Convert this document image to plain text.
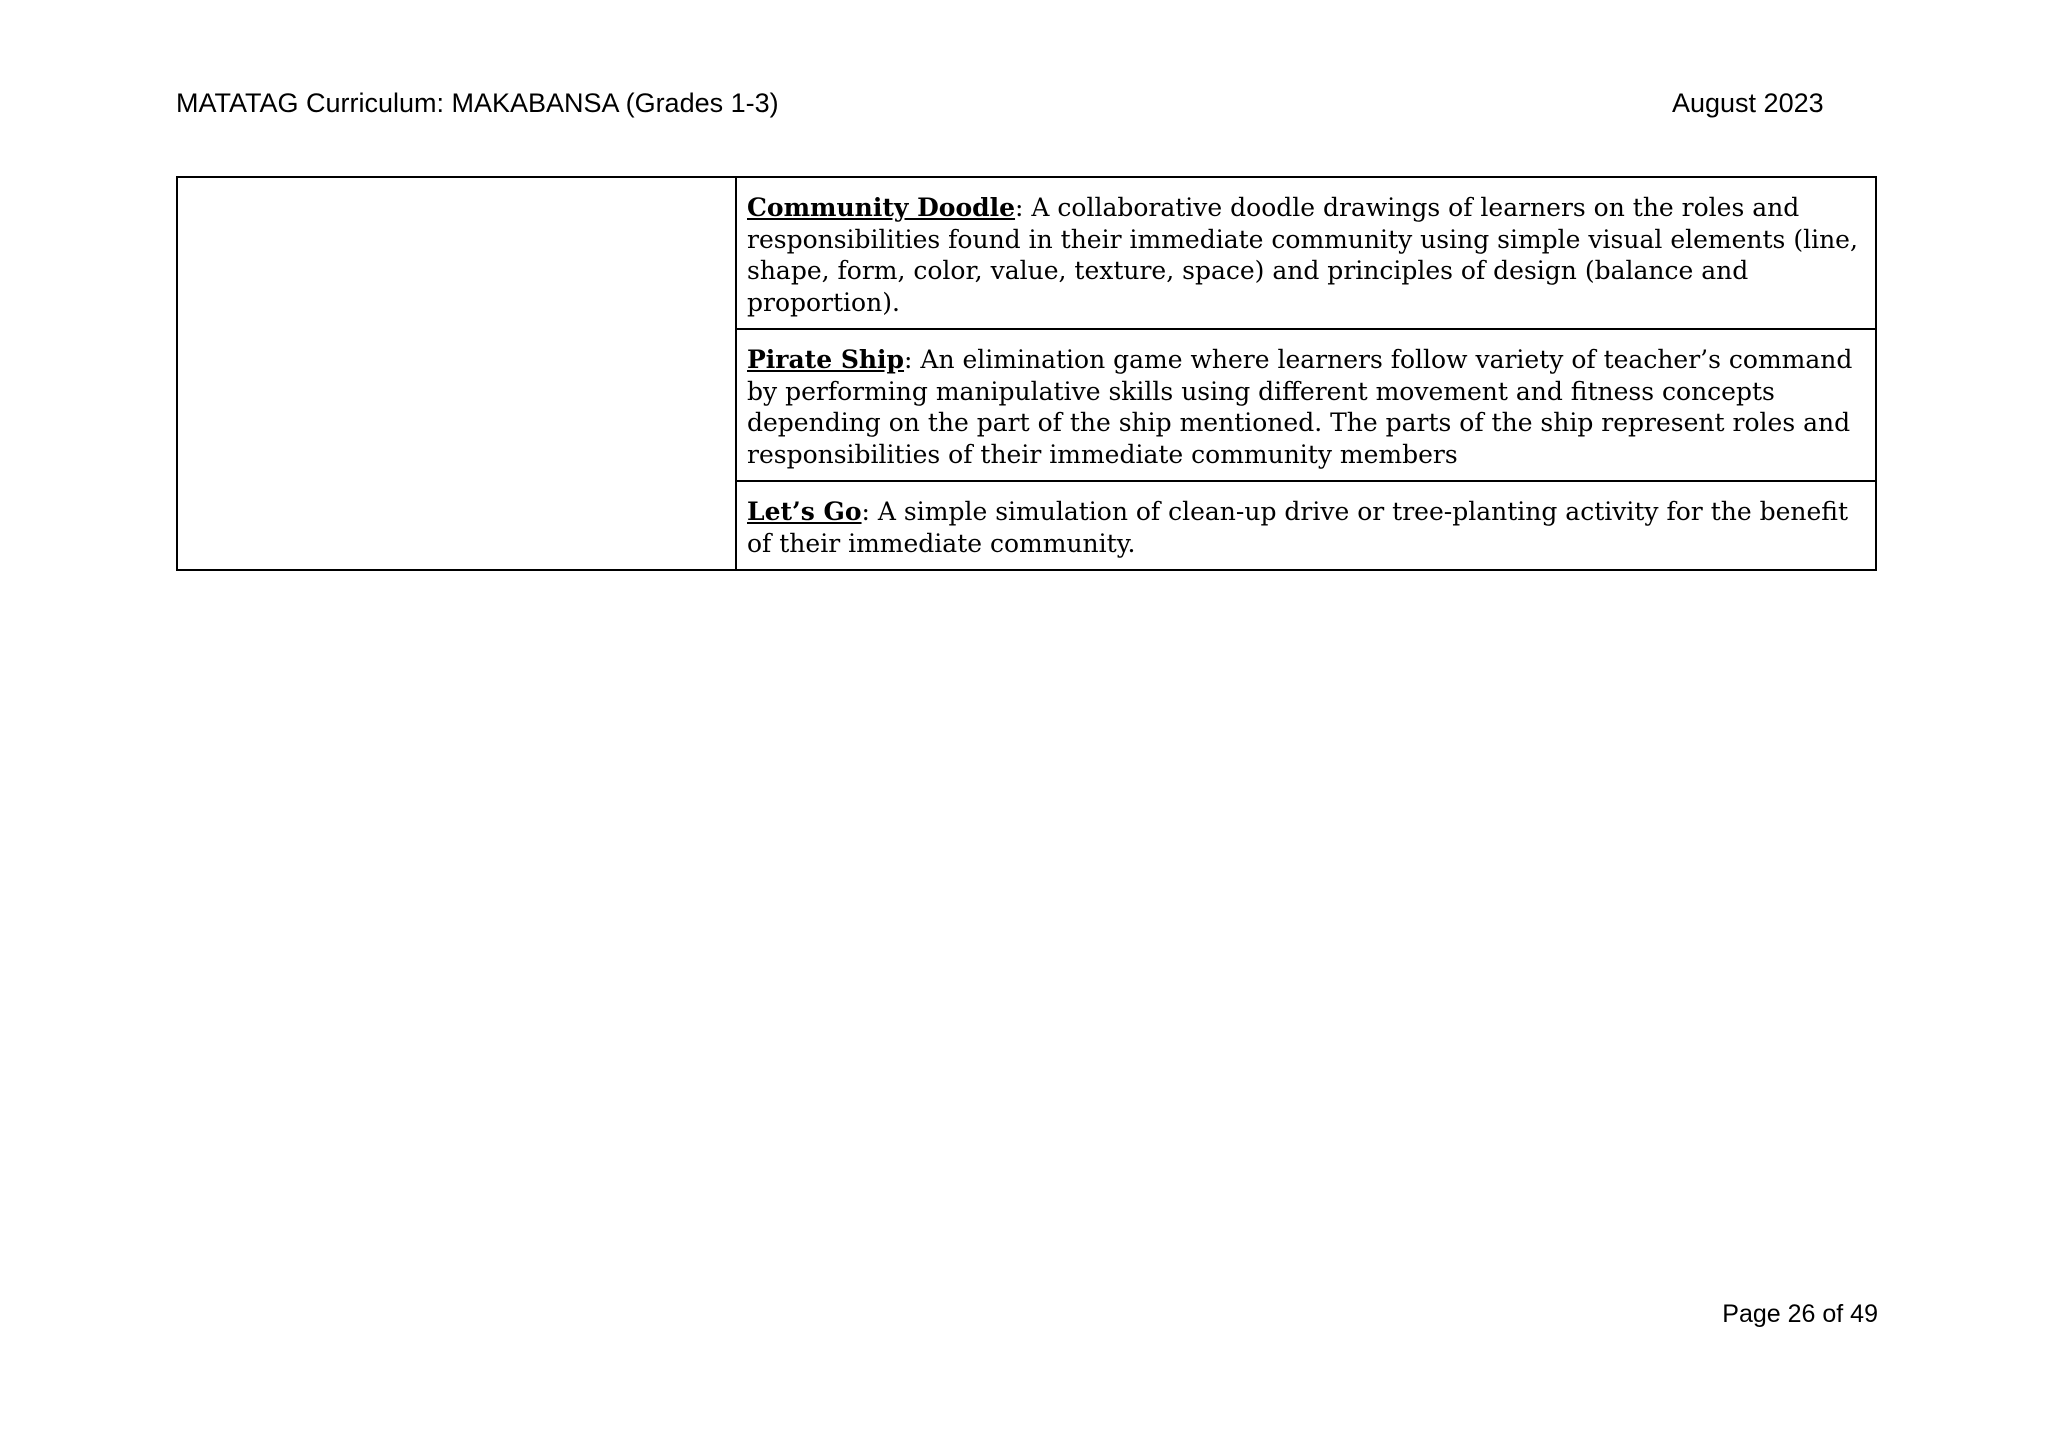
MATATAG Curriculum: MAKABANSA (Grades 1-3)	August 2023
	Community Doodle: A collaborative doodle drawings of learners on the roles and responsibilities found in their immediate community using simple visual elements (line, shape, form, color, value, texture, space) and principles of design (balance and proportion).
Pirate Ship: An elimination game where learners follow variety of teacher’s command by performing manipulative skills using different movement and fitness concepts depending on the part of the ship mentioned. The parts of the ship represent roles and responsibilities of their immediate community members
Let’s Go: A simple simulation of clean-up drive or tree-planting activity for the benefit of their immediate community.
Page 26 of 49
